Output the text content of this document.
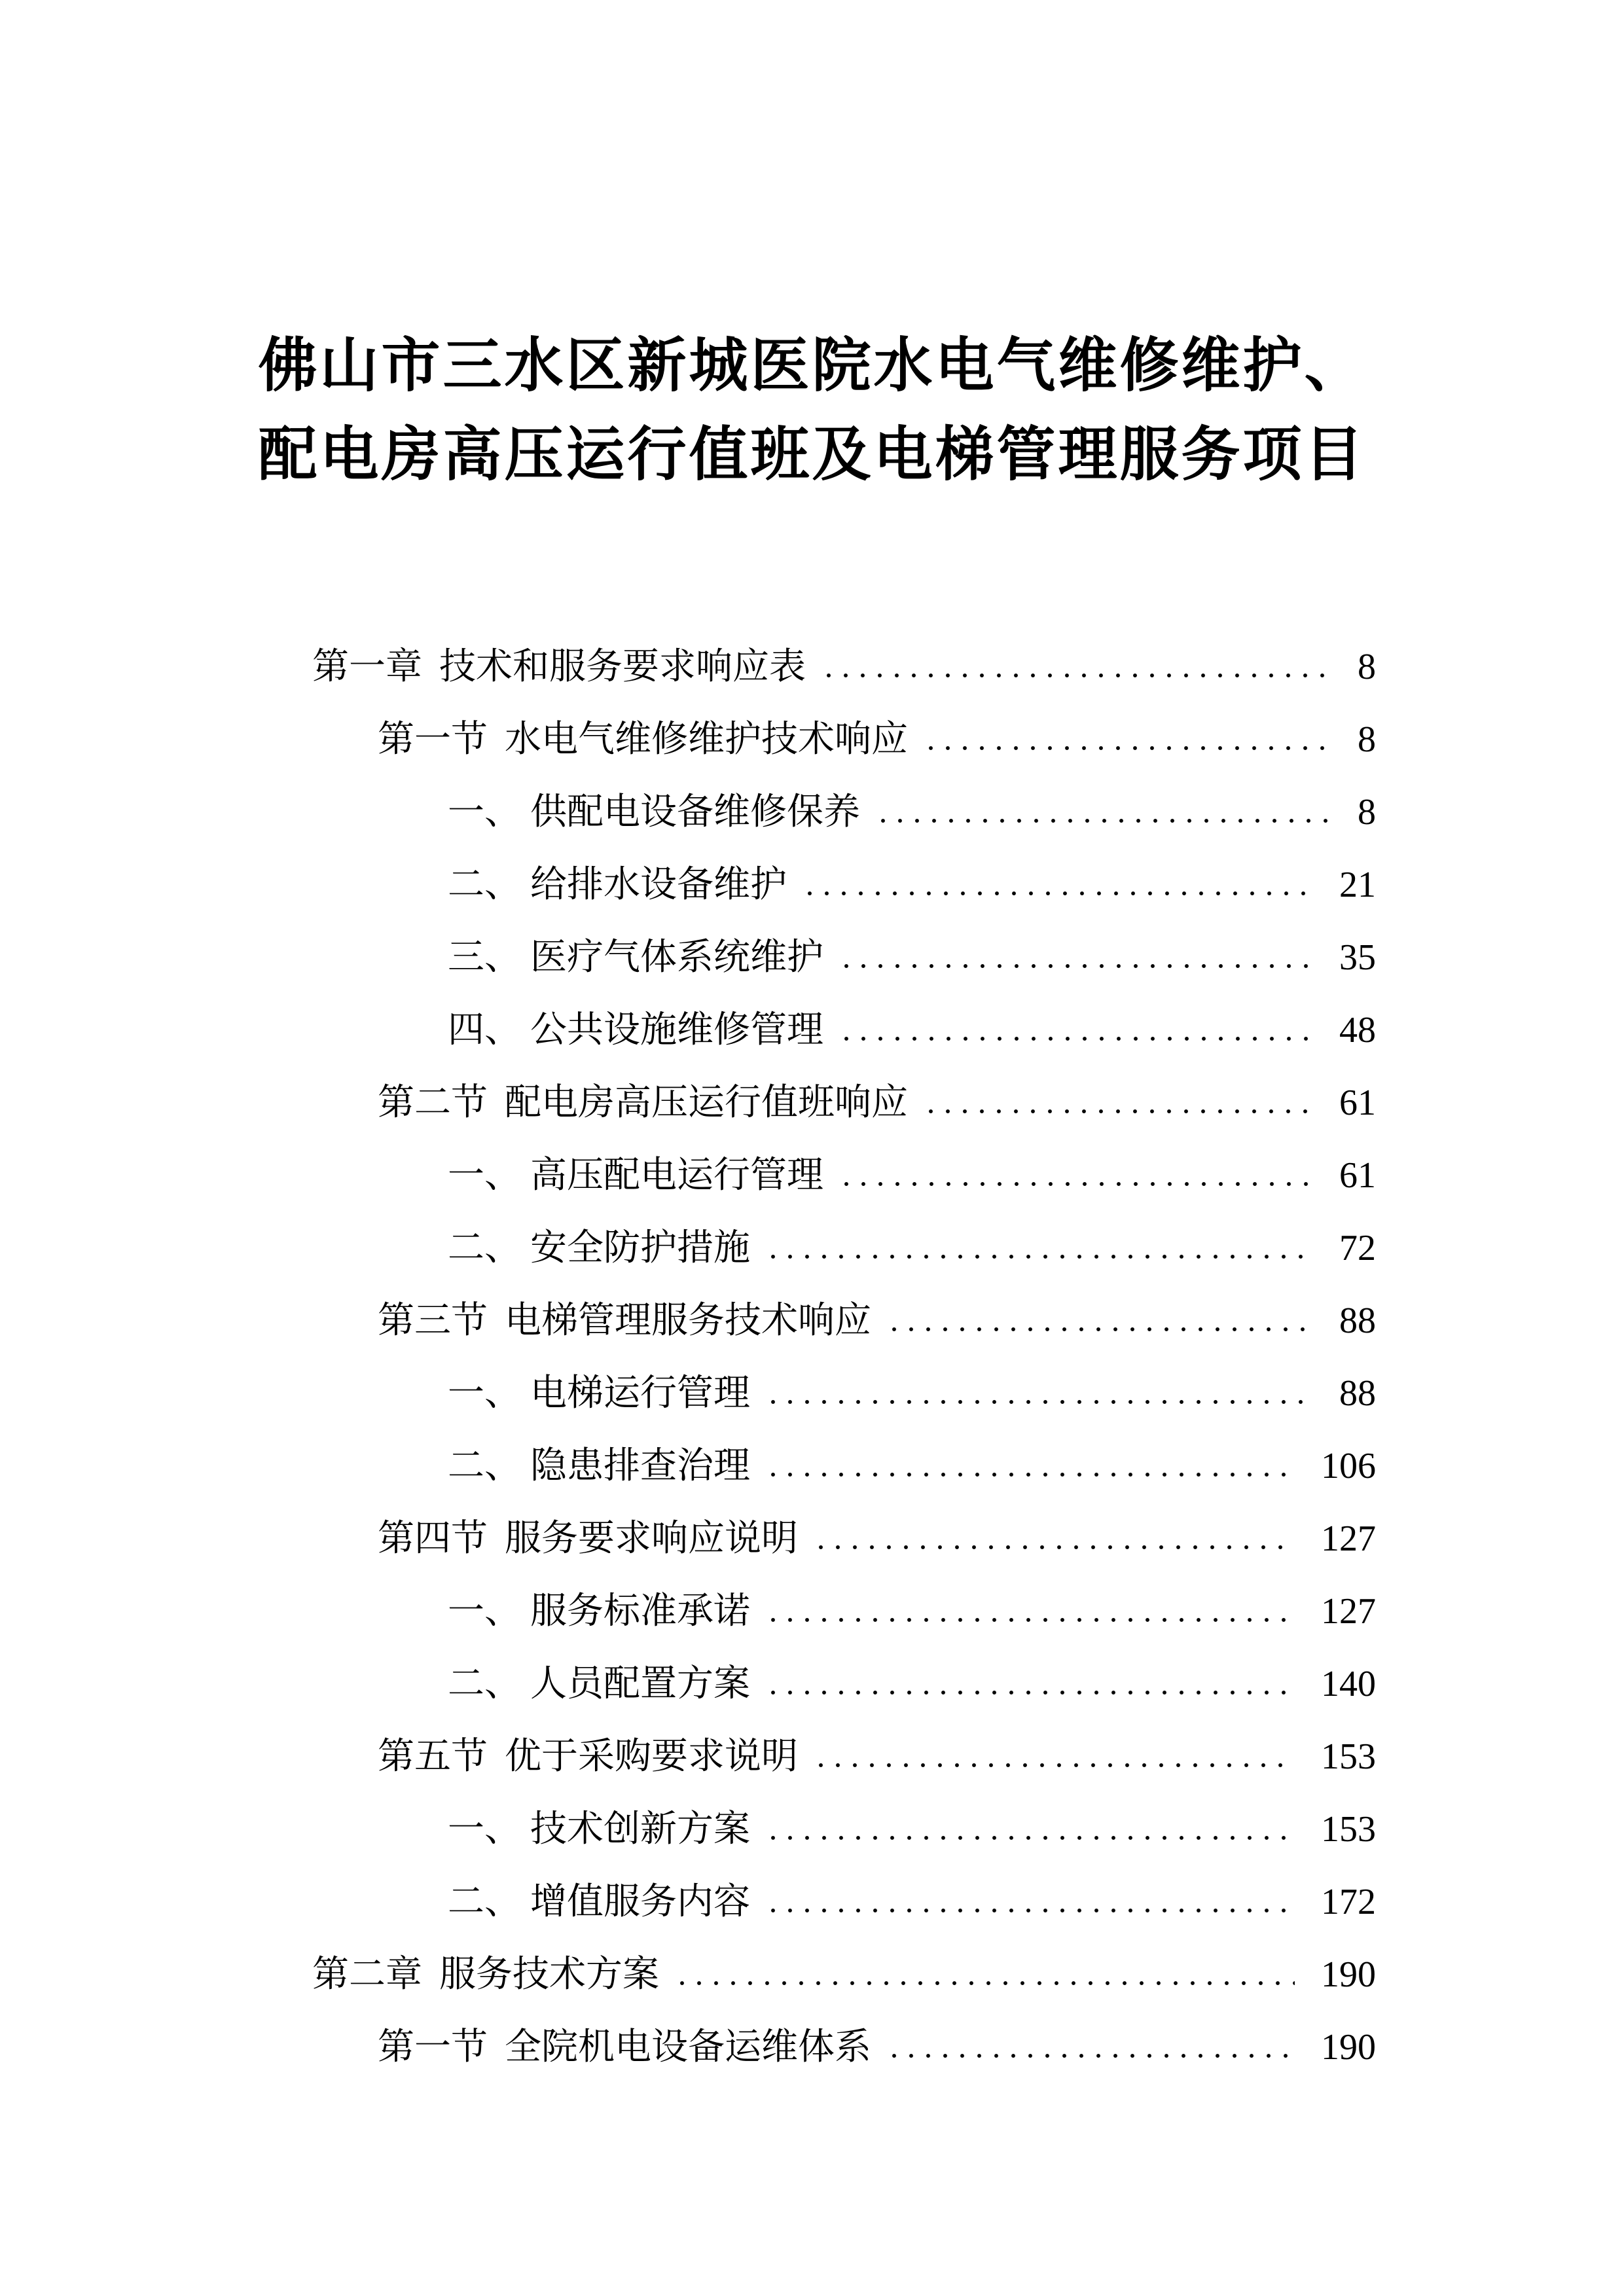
佛山市三水区新城医院水电气维修维护、
配电房高压运行值班及电梯管理服务项目
第一章 技术和服务要求响应表	8
第一节 水电气维修维护技术响应	8
一、 供配电设备维修保养	8
二、 给排水设备维护	21
三、 医疗气体系统维护	35
四、 公共设施维修管理	48
第二节 配电房高压运行值班响应	61
一、 高压配电运行管理	61
二、 安全防护措施	72
第三节 电梯管理服务技术响应	88
一、 电梯运行管理	88
二、 隐患排查治理	106
第四节 服务要求响应说明	127
一、 服务标准承诺	127
二、 人员配置方案	140
第五节 优于采购要求说明	153
一、 技术创新方案	153
二、 增值服务内容	172
第二章 服务技术方案	190
第一节 全院机电设备运维体系	190
